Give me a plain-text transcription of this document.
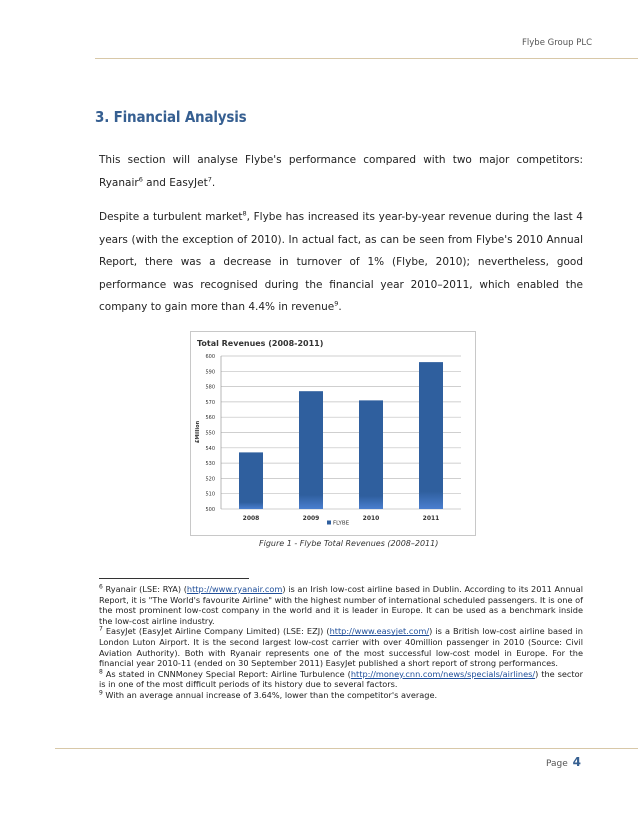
Flybe Group PLC
3. Financial Analysis
This section will analyse Flybe's performance compared with two major competitors: Ryanair$^6$ and EasyJet$^7$.
Despite a turbulent market$^8$, Flybe has increased its year-by-year revenue during the last 4 years (with the exception of 2010). In actual fact, as can be seen from Flybe's 2010 Annual Report, there was a decrease in turnover of 1% (Flybe, 2010); nevertheless, good performance was recognised during the financial year 2010–2011, which enabled the company to gain more than 4.4% in revenue$^9$.
Total Revenues (2008-2011)
£Million
500
510
520
530
540
550
560
570
580
590
600
2008	2009	2010	2011
FLYBE
Figure 1 - Flybe Total Revenues (2008–2011)

$^6$ Ryanair (LSE: RYA) (http://www.ryanair.com) is an Irish low-cost airline based in Dublin. According to its 2011 Annual Report, it is "The World's favourite Airline" with the highest number of international scheduled passengers. It is one of the most prominent low-cost company in the world and it is leader in Europe. It can be used as a benchmark inside the low-cost airline industry.

$^7$ EasyJet (EasyJet Airline Company Limited) (LSE: EZJ) (http://www.easyjet.com/) is a British low-cost airline based in London Luton Airport. It is the second largest low-cost carrier with over 40million passenger in 2010 (Source: Civil Aviation Authority). Both with Ryanair represents one of the most successful low-cost model in Europe. For the financial year 2010-11 (ended on 30 September 2011) EasyJet published a short report of strong performances.

$^8$ As stated in CNNMoney Special Report: Airline Turbulence (http://money.cnn.com/news/specials/airlines/) the sector is in one of the most difficult periods of its history due to several factors.

$^9$ With an average annual increase of 3.64%, lower than the competitor's average.

Page 4
